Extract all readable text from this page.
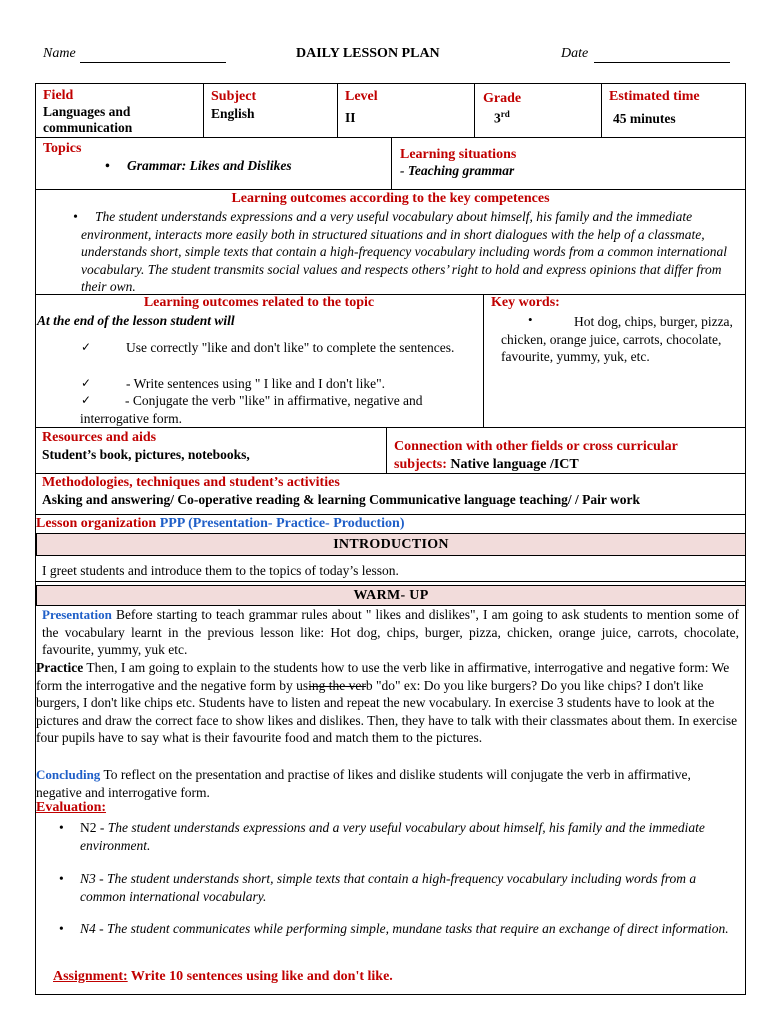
Name	DAILY LESSON PLAN	Date
Field
Languages and communication
Subject
English
Level
II
Grade
3rd
Estimated time
45 minutes
Topics
• Grammar: Likes and Dislikes
Learning situations
- Teaching grammar
Learning outcomes according to the key competences
• The student understands expressions and a very useful vocabulary about himself, his family and the immediate environment, interacts more easily both in structured situations and in short dialogues with the help of a classmate, understands short, simple texts that contain a high-frequency vocabulary including words from a common international vocabulary. The student transmits social values and respects others’ right to hold and express opinions that differ from their own.
Learning outcomes related to the topic
At the end of the lesson student will
✓ Use correctly "like and don't like" to complete the sentences.
✓ - Write sentences using " I like and I don't like".
- Conjugate the verb "like" in affirmative, negative and interrogative form.
✓
Key words:
Hot dog, chips, burger, pizza, chicken, orange juice, carrots, chocolate, favourite, yummy, yuk, etc.
•
Resources and aids
Student’s book, pictures, notebooks,
Connection with other fields or cross curricular
subjects: Native language /ICT
Methodologies, techniques and student’s activities
Asking and answering/ Co-operative reading & learning Communicative language teaching/ / Pair work
Lesson organization PPP (Presentation- Practice- Production)
INTRODUCTION
I greet students and introduce them to the topics of today’s lesson.
WARM- UP
Presentation Before starting to teach grammar rules about " likes and dislikes", I am going to ask students to mention some of the vocabulary learnt in the previous lesson like: Hot dog, chips, burger, pizza, chicken, orange juice, carrots, chocolate, favourite, yummy, yuk etc.
Practice Then, I am going to explain to the students how to use the verb like in affirmative, interrogative and negative form: We form the interrogative and the negative form by using the verb "do" ex: Do you like burgers? Do you like chips? I don't like burgers, I don't like chips etc. Students have to listen and repeat the new vocabulary. In exercise 3 students have to look at the pictures and draw the correct face to show likes and dislikes. Then, they have to talk with their classmates about them. In exercise four pupils have to say what is their favourite food and match them to the pictures.
Concluding To reflect on the presentation and practise of likes and dislike students will conjugate the verb in affirmative, negative and interrogative form.
Evaluation:
• N2 - The student understands expressions and a very useful vocabulary about himself, his family and the immediate environment.
• N3 - The student understands short, simple texts that contain a high-frequency vocabulary including words from a common international vocabulary.
• N4 - The student communicates while performing simple, mundane tasks that require an exchange of direct information.
Assignment: Write 10 sentences using like and don't like.
